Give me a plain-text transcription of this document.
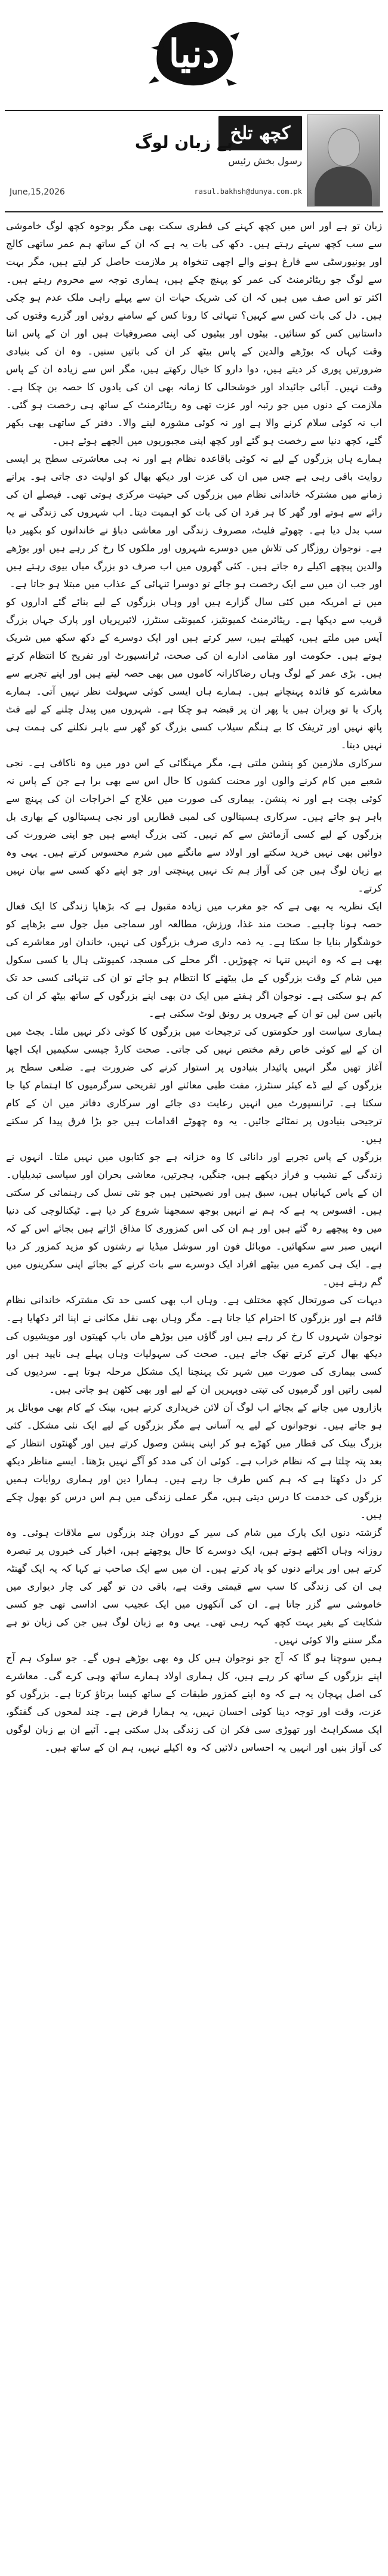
دنیا
کچھ تلخ
رسول بخش رئیس
بے زبان لوگ
June,15,2026	rasul.bakhsh@dunya.com.pk

زبان تو ہے اور اس میں کچھ کہنے کی فطری سکت بھی مگر بوجوہ کچھ لوگ خاموشی سے سب کچھ سہتے رہتے ہیں۔ دکھ کی بات یہ ہے کہ ان کے ساتھ ہم عمر ساتھی کالج اور یونیورسٹی سے فارغ ہونے والے اچھی تنخواہ پر ملازمت حاصل کر لیتے ہیں، مگر بہت سے لوگ جو ریٹائرمنٹ کی عمر کو پہنچ چکے ہیں، ہماری توجہ سے محروم رہتے ہیں۔ اکثر تو اس صف میں ہیں کہ ان کی شریک حیات ان سے پہلے راہی ملک عدم ہو چکی ہیں۔ دل کی بات کس سے کہیں؟ تنہائی کا رونا کس کے سامنے روئیں اور گزرے وقتوں کی داستانیں کس کو سنائیں۔ بیٹوں اور بیٹیوں کی اپنی مصروفیات ہیں اور ان کے پاس اتنا وقت کہاں کہ بوڑھے والدین کے پاس بیٹھ کر ان کی باتیں سنیں۔ وہ ان کی بنیادی ضرورتیں پوری کر دیتے ہیں، دوا دارو کا خیال رکھتے ہیں، مگر اس سے زیادہ ان کے پاس وقت نہیں۔ آبائی جائیداد اور خوشحالی کا زمانہ بھی ان کی یادوں کا حصہ بن چکا ہے۔ ملازمت کے دنوں میں جو رتبہ اور عزت تھی وہ ریٹائرمنٹ کے ساتھ ہی رخصت ہو گئی۔ اب نہ کوئی سلام کرنے والا ہے اور نہ کوئی مشورہ لینے والا۔ دفتر کے ساتھی بھی بکھر گئے، کچھ دنیا سے رخصت ہو گئے اور کچھ اپنی مجبوریوں میں الجھے ہوئے ہیں۔

ہمارے ہاں بزرگوں کے لیے نہ کوئی باقاعدہ نظام ہے اور نہ ہی معاشرتی سطح پر ایسی روایت باقی رہی ہے جس میں ان کی عزت اور دیکھ بھال کو اولیت دی جاتی ہو۔ پرانے زمانے میں مشترکہ خاندانی نظام میں بزرگوں کی حیثیت مرکزی ہوتی تھی۔ فیصلے ان کی رائے سے ہوتے اور گھر کا ہر فرد ان کی بات کو اہمیت دیتا۔ اب شہروں کی زندگی نے یہ سب بدل دیا ہے۔ چھوٹے فلیٹ، مصروف زندگی اور معاشی دباؤ نے خاندانوں کو بکھیر دیا ہے۔ نوجوان روزگار کی تلاش میں دوسرے شہروں اور ملکوں کا رخ کر رہے ہیں اور بوڑھے والدین پیچھے اکیلے رہ جاتے ہیں۔ کئی گھروں میں اب صرف دو بزرگ میاں بیوی رہتے ہیں اور جب ان میں سے ایک رخصت ہو جائے تو دوسرا تنہائی کے عذاب میں مبتلا ہو جاتا ہے۔

میں نے امریکہ میں کئی سال گزارے ہیں اور وہاں بزرگوں کے لیے بنائے گئے اداروں کو قریب سے دیکھا ہے۔ ریٹائرمنٹ کمیونٹیز، کمیونٹی سنٹرز، لائبریریاں اور پارک جہاں بزرگ آپس میں ملتے ہیں، کھیلتے ہیں، سیر کرتے ہیں اور ایک دوسرے کے دکھ سکھ میں شریک ہوتے ہیں۔ حکومت اور مقامی ادارے ان کی صحت، ٹرانسپورٹ اور تفریح کا انتظام کرتے ہیں۔ بڑی عمر کے لوگ وہاں رضاکارانہ کاموں میں بھی حصہ لیتے ہیں اور اپنے تجربے سے معاشرے کو فائدہ پہنچاتے ہیں۔ ہمارے ہاں ایسی کوئی سہولت نظر نہیں آتی۔ ہمارے پارک یا تو ویران ہیں یا پھر ان پر قبضہ ہو چکا ہے۔ شہروں میں پیدل چلنے کے لیے فٹ پاتھ نہیں اور ٹریفک کا بے ہنگم سیلاب کسی بزرگ کو گھر سے باہر نکلنے کی ہمت ہی نہیں دیتا۔

سرکاری ملازمین کو پنشن ملتی ہے، مگر مہنگائی کے اس دور میں وہ ناکافی ہے۔ نجی شعبے میں کام کرنے والوں اور محنت کشوں کا حال اس سے بھی برا ہے جن کے پاس نہ کوئی بچت ہے اور نہ پنشن۔ بیماری کی صورت میں علاج کے اخراجات ان کی پہنچ سے باہر ہو جاتے ہیں۔ سرکاری ہسپتالوں کی لمبی قطاریں اور نجی ہسپتالوں کے بھاری بل بزرگوں کے لیے کسی آزمائش سے کم نہیں۔ کئی بزرگ ایسے ہیں جو اپنی ضرورت کی دوائیں بھی نہیں خرید سکتے اور اولاد سے مانگنے میں شرم محسوس کرتے ہیں۔ یہی وہ بے زبان لوگ ہیں جن کی آواز ہم تک نہیں پہنچتی اور جو اپنے دکھ کسی سے بیان نہیں کرتے۔

ایک نظریہ یہ بھی ہے کہ جو مغرب میں زیادہ مقبول ہے کہ بڑھاپا زندگی کا ایک فعال حصہ ہونا چاہیے۔ صحت مند غذا، ورزش، مطالعہ اور سماجی میل جول سے بڑھاپے کو خوشگوار بنایا جا سکتا ہے۔ یہ ذمہ داری صرف بزرگوں کی نہیں، خاندان اور معاشرے کی بھی ہے کہ وہ انہیں تنہا نہ چھوڑیں۔ اگر محلے کی مسجد، کمیونٹی ہال یا کسی سکول میں شام کے وقت بزرگوں کے مل بیٹھنے کا انتظام ہو جائے تو ان کی تنہائی کسی حد تک کم ہو سکتی ہے۔ نوجوان اگر ہفتے میں ایک دن بھی اپنے بزرگوں کے ساتھ بیٹھ کر ان کی باتیں سن لیں تو ان کے چہروں پر رونق لوٹ سکتی ہے۔

ہماری سیاست اور حکومتوں کی ترجیحات میں بزرگوں کا کوئی ذکر نہیں ملتا۔ بجٹ میں ان کے لیے کوئی خاص رقم مختص نہیں کی جاتی۔ صحت کارڈ جیسی سکیمیں ایک اچھا آغاز تھیں مگر انہیں پائیدار بنیادوں پر استوار کرنے کی ضرورت ہے۔ ضلعی سطح پر بزرگوں کے لیے ڈے کیئر سنٹرز، مفت طبی معائنے اور تفریحی سرگرمیوں کا اہتمام کیا جا سکتا ہے۔ ٹرانسپورٹ میں انہیں رعایت دی جائے اور سرکاری دفاتر میں ان کے کام ترجیحی بنیادوں پر نمٹائے جائیں۔ یہ وہ چھوٹے اقدامات ہیں جو بڑا فرق پیدا کر سکتے ہیں۔

بزرگوں کے پاس تجربے اور دانائی کا وہ خزانہ ہے جو کتابوں میں نہیں ملتا۔ انہوں نے زندگی کے نشیب و فراز دیکھے ہیں، جنگیں، ہجرتیں، معاشی بحران اور سیاسی تبدیلیاں۔ ان کے پاس کہانیاں ہیں، سبق ہیں اور نصیحتیں ہیں جو نئی نسل کی رہنمائی کر سکتی ہیں۔ افسوس یہ ہے کہ ہم نے انہیں بوجھ سمجھنا شروع کر دیا ہے۔ ٹیکنالوجی کی دنیا میں وہ پیچھے رہ گئے ہیں اور ہم ان کی اس کمزوری کا مذاق اڑاتے ہیں بجائے اس کے کہ انہیں صبر سے سکھائیں۔ موبائل فون اور سوشل میڈیا نے رشتوں کو مزید کمزور کر دیا ہے۔ ایک ہی کمرے میں بیٹھے افراد ایک دوسرے سے بات کرنے کے بجائے اپنی سکرینوں میں گم رہتے ہیں۔

دیہات کی صورتحال کچھ مختلف ہے۔ وہاں اب بھی کسی حد تک مشترکہ خاندانی نظام قائم ہے اور بزرگوں کا احترام کیا جاتا ہے۔ مگر وہاں بھی نقل مکانی نے اپنا اثر دکھایا ہے۔ نوجوان شہروں کا رخ کر رہے ہیں اور گاؤں میں بوڑھے ماں باپ کھیتوں اور مویشیوں کی دیکھ بھال کرتے کرتے تھک جاتے ہیں۔ صحت کی سہولیات وہاں پہلے ہی ناپید ہیں اور کسی بیماری کی صورت میں شہر تک پہنچنا ایک مشکل مرحلہ ہوتا ہے۔ سردیوں کی لمبی راتیں اور گرمیوں کی تپتی دوپہریں ان کے لیے اور بھی کٹھن ہو جاتی ہیں۔

بازاروں میں جانے کے بجائے اب لوگ آن لائن خریداری کرتے ہیں، بینک کے کام بھی موبائل پر ہو جاتے ہیں۔ نوجوانوں کے لیے یہ آسانی ہے مگر بزرگوں کے لیے ایک نئی مشکل۔ کئی بزرگ بینک کی قطار میں کھڑے ہو کر اپنی پنشن وصول کرتے ہیں اور گھنٹوں انتظار کے بعد پتہ چلتا ہے کہ نظام خراب ہے۔ کوئی ان کی مدد کو آگے نہیں بڑھتا۔ ایسے مناظر دیکھ کر دل دکھتا ہے کہ ہم کس طرف جا رہے ہیں۔ ہمارا دین اور ہماری روایات ہمیں بزرگوں کی خدمت کا درس دیتی ہیں، مگر عملی زندگی میں ہم اس درس کو بھول چکے ہیں۔

گزشتہ دنوں ایک پارک میں شام کی سیر کے دوران چند بزرگوں سے ملاقات ہوئی۔ وہ روزانہ وہاں اکٹھے ہوتے ہیں، ایک دوسرے کا حال پوچھتے ہیں، اخبار کی خبروں پر تبصرہ کرتے ہیں اور پرانے دنوں کو یاد کرتے ہیں۔ ان میں سے ایک صاحب نے کہا کہ یہ ایک گھنٹہ ہی ان کی زندگی کا سب سے قیمتی وقت ہے، باقی دن تو گھر کی چار دیواری میں خاموشی سے گزر جاتا ہے۔ ان کی آنکھوں میں ایک عجیب سی اداسی تھی جو کسی شکایت کے بغیر بہت کچھ کہہ رہی تھی۔ یہی وہ بے زبان لوگ ہیں جن کی زبان تو ہے مگر سننے والا کوئی نہیں۔

ہمیں سوچنا ہو گا کہ آج جو نوجوان ہیں کل وہ بھی بوڑھے ہوں گے۔ جو سلوک ہم آج اپنے بزرگوں کے ساتھ کر رہے ہیں، کل ہماری اولاد ہمارے ساتھ وہی کرے گی۔ معاشرے کی اصل پہچان یہ ہے کہ وہ اپنے کمزور طبقات کے ساتھ کیسا برتاؤ کرتا ہے۔ بزرگوں کو عزت، وقت اور توجہ دینا کوئی احسان نہیں، یہ ہمارا فرض ہے۔ چند لمحوں کی گفتگو، ایک مسکراہٹ اور تھوڑی سی فکر ان کی زندگی بدل سکتی ہے۔ آئیے ان بے زبان لوگوں کی آواز بنیں اور انہیں یہ احساس دلائیں کہ وہ اکیلے نہیں، ہم ان کے ساتھ ہیں۔
